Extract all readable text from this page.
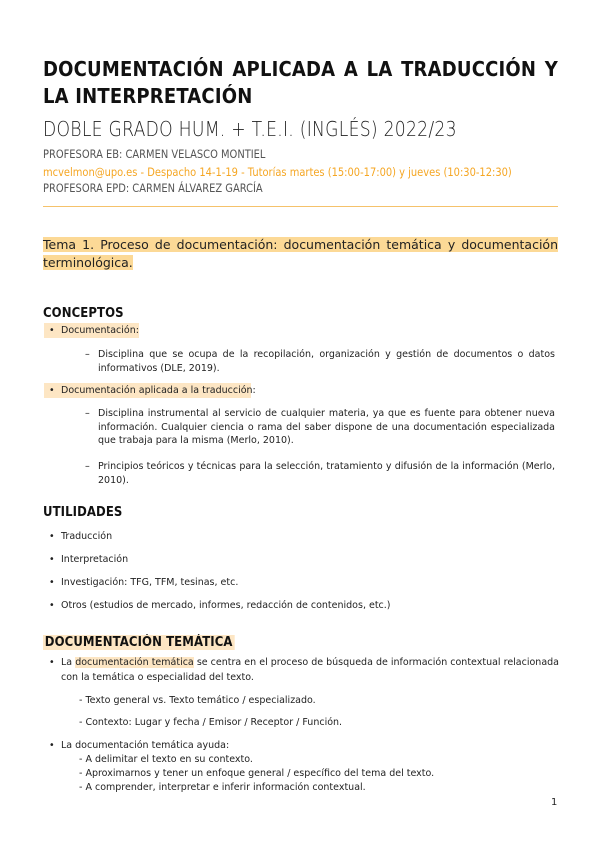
DOCUMENTACIÓN APLICADA A LA TRADUCCIÓN Y LA INTERPRETACIÓN
DOBLE GRADO HUM. + T.E.I. (INGLÉS) 2022/23
PROFESORA EB: CARMEN VELASCO MONTIEL
mcvelmon@upo.es - Despacho 14-1-19 - Tutorías martes (15:00-17:00) y jueves (10:30-12:30)
PROFESORA EPD: CARMEN ÁLVAREZ GARCÍA
Tema 1. Proceso de documentación: documentación temática y documentación terminológica.
CONCEPTOS
• Documentación:
– Disciplina que se ocupa de la recopilación, organización y gestión de documentos o datos informativos (DLE, 2019).
• Documentación aplicada a la traducción:
– Disciplina instrumental al servicio de cualquier materia, ya que es fuente para obtener nueva información. Cualquier ciencia o rama del saber dispone de una documentación especializada que trabaja para la misma (Merlo, 2010).
– Principios teóricos y técnicas para la selección, tratamiento y difusión de la información (Merlo, 2010).
UTILIDADES
• Traducción
• Interpretación
• Investigación: TFG, TFM, tesinas, etc.
• Otros (estudios de mercado, informes, redacción de contenidos, etc.)
DOCUMENTACIÓN TEMÁTICA
• La documentación temática se centra en el proceso de búsqueda de información contextual relacionada con la temática o especialidad del texto.
- Texto general vs. Texto temático / especializado.
- Contexto: Lugar y fecha / Emisor / Receptor / Función.
• La documentación temática ayuda:
- A delimitar el texto en su contexto.
- Aproximarnos y tener un enfoque general / específico del tema del texto.
- A comprender, interpretar e inferir información contextual.
1
